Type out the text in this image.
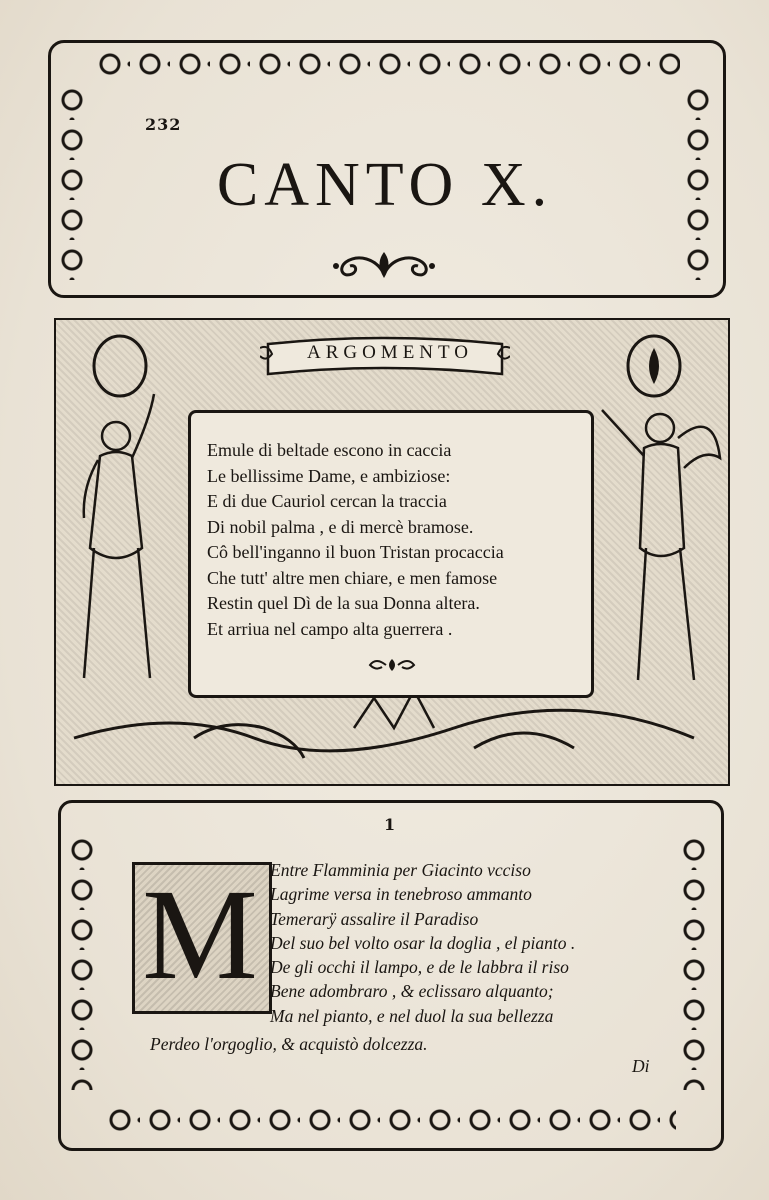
232
CANTO X.
ARGOMENTO
Emule di beltade escono in caccia
Le bellissime Dame, e ambiziose:
E di due Cauriol cercan la traccia
Di nobil palma , e di mercè bramose.
Cô bell'inganno il buon Tristan procaccia
Che tutt' altre men chiare, e men famose
Restin quel Dì de la sua Donna altera.
Et arriua nel campo alta guerrera .
1
M Entre Flamminia per Giacinto vcciso
Lagrime versa in tenebroso ammanto
Temerarÿ assalire il Paradiso
Del suo bel volto osar la doglia , el pianto .
De gli occhi il lampo, e de le labbra il riso
Bene adombraro , & eclissaro alquanto;
Ma nel pianto, e nel duol la sua bellezza
Perdeo l'orgoglio, & acquistò dolcezza.
Di
